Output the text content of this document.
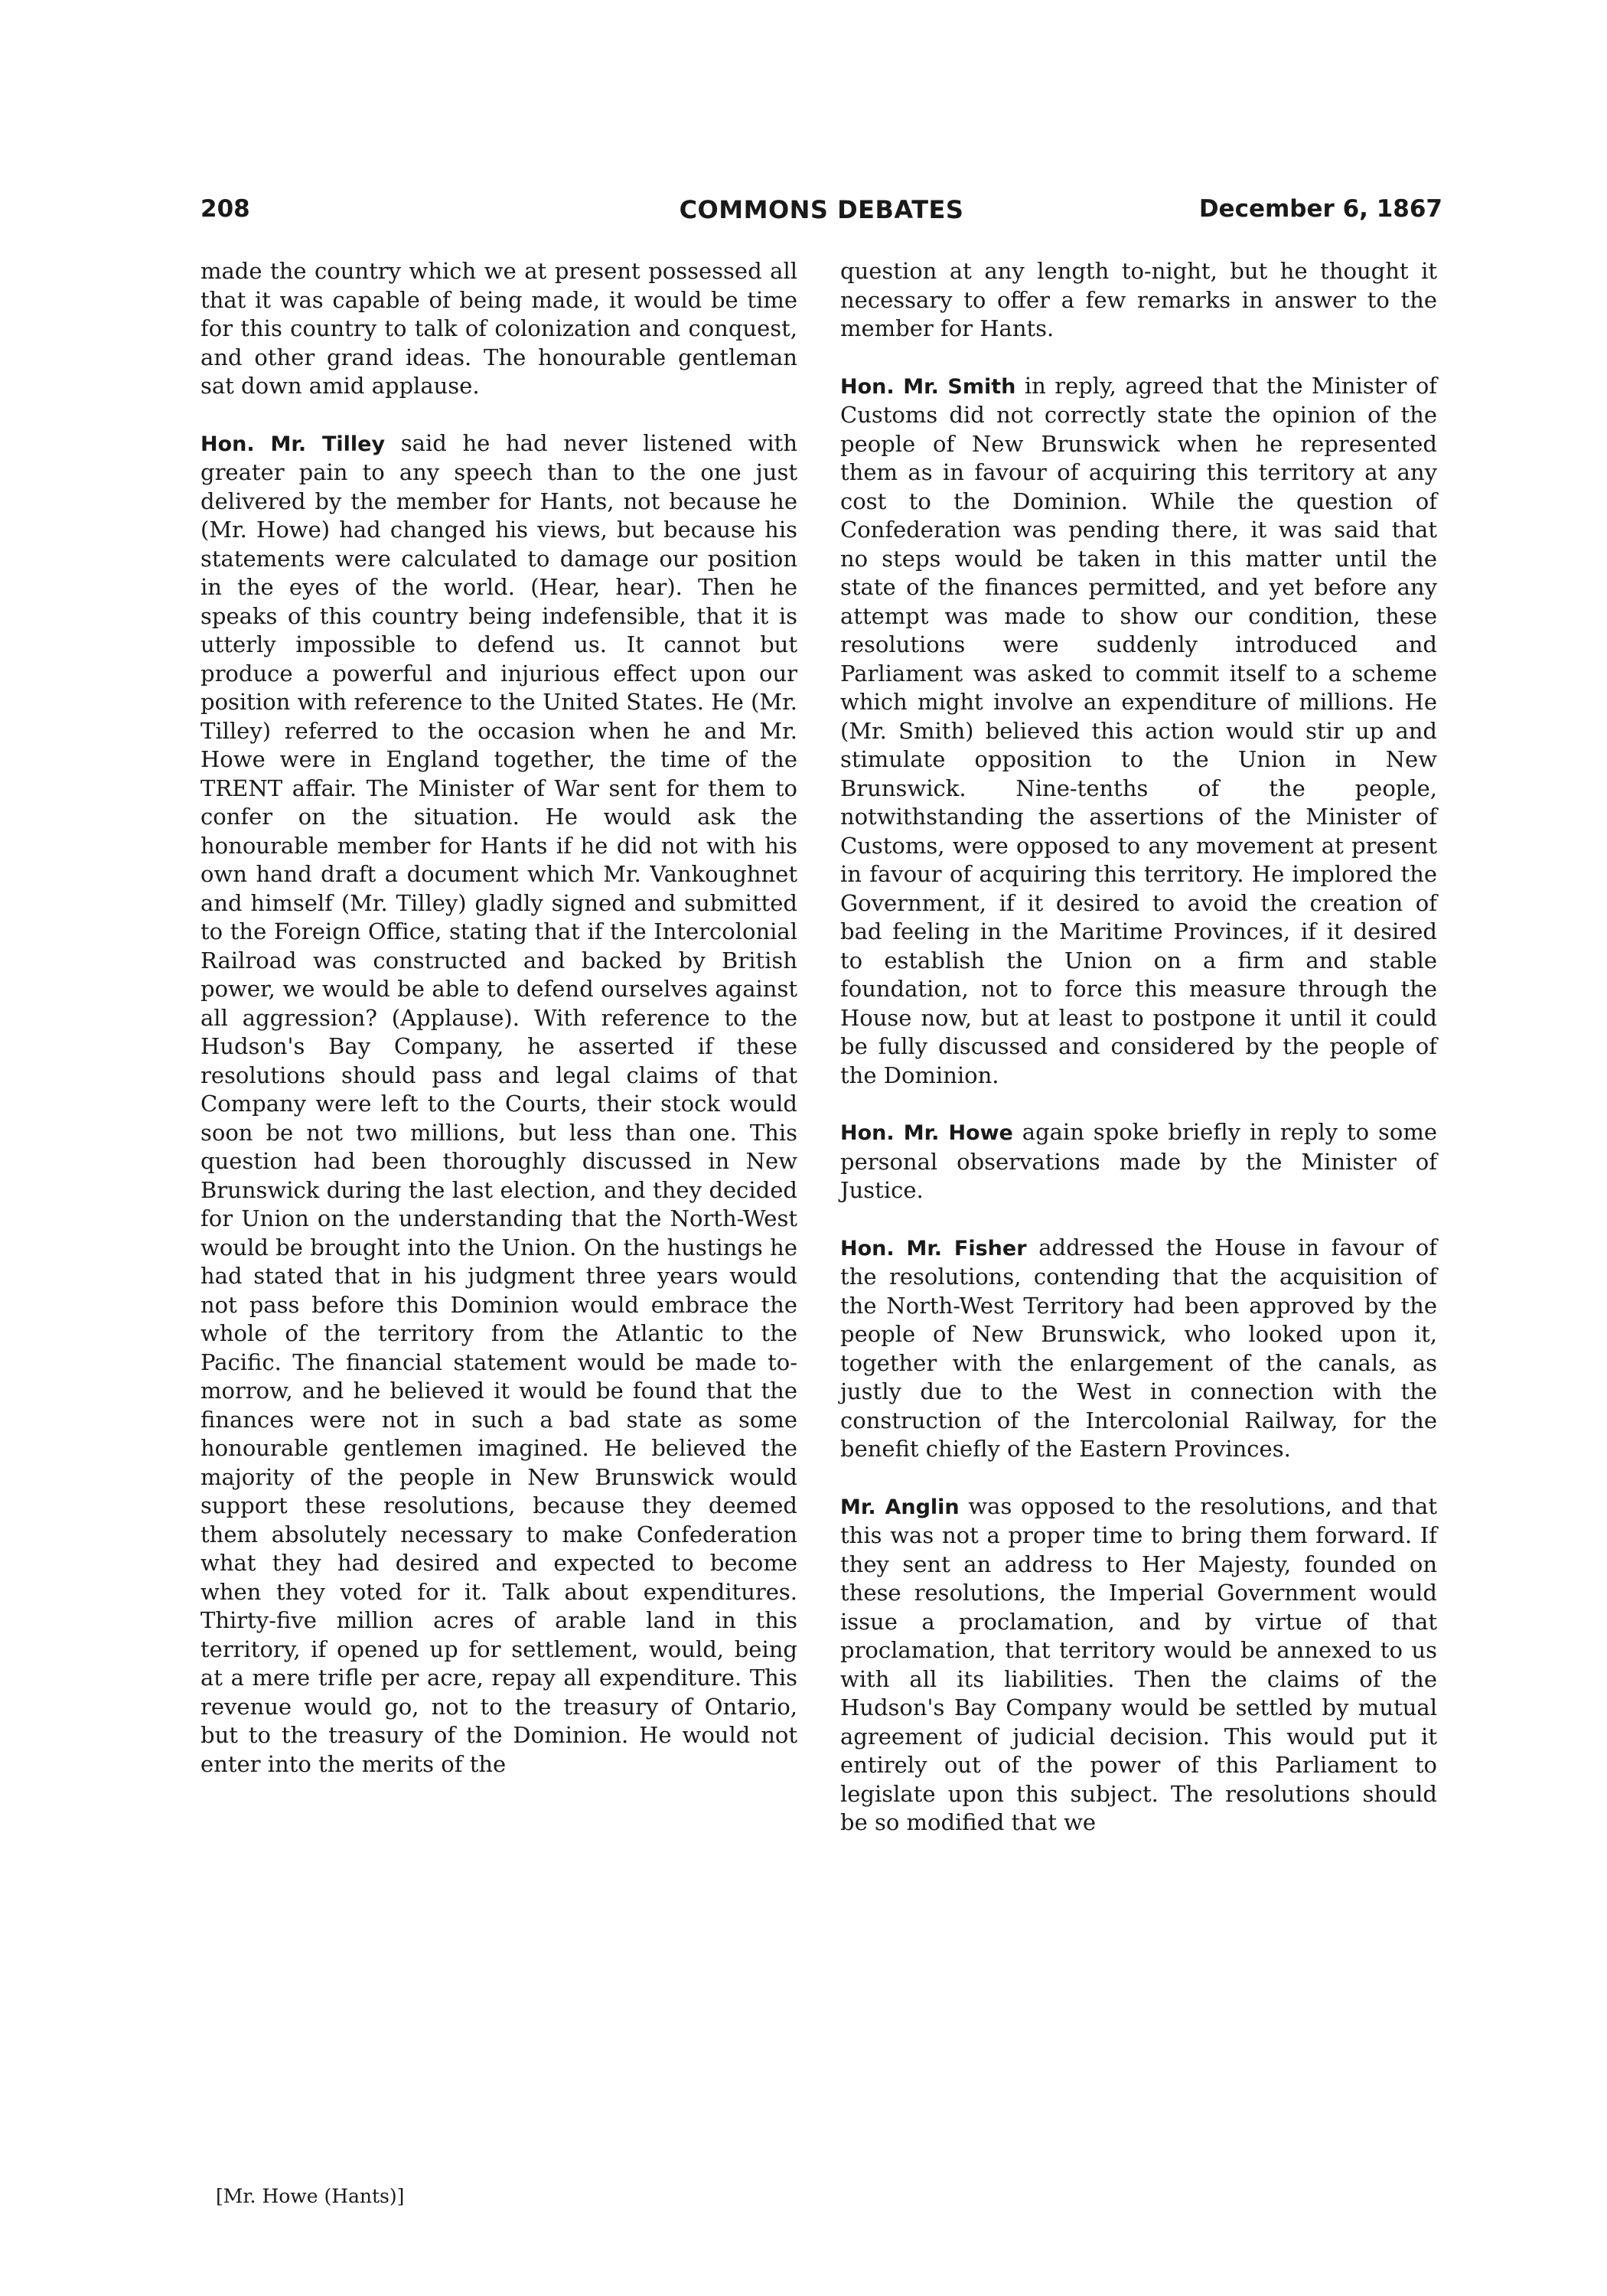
208	COMMONS DEBATES	December 6, 1867

made the country which we at present possessed all that it was capable of being made, it would be time for this country to talk of colonization and conquest, and other grand ideas. The honourable gentleman sat down amid applause.

Hon. Mr. Tilley said he had never listened with greater pain to any speech than to the one just delivered by the member for Hants, not because he (Mr. Howe) had changed his views, but because his statements were calculated to damage our position in the eyes of the world. (Hear, hear). Then he speaks of this country being indefensible, that it is utterly impossible to defend us. It cannot but produce a powerful and injurious effect upon our position with reference to the United States. He (Mr. Tilley) referred to the occasion when he and Mr. Howe were in England together, the time of the TRENT affair. The Minister of War sent for them to confer on the situation. He would ask the honourable member for Hants if he did not with his own hand draft a document which Mr. Vankoughnet and himself (Mr. Tilley) gladly signed and submitted to the Foreign Office, stating that if the Intercolonial Railroad was constructed and backed by British power, we would be able to defend ourselves against all aggression? (Applause). With reference to the Hudson's Bay Company, he asserted if these resolutions should pass and legal claims of that Company were left to the Courts, their stock would soon be not two millions, but less than one. This question had been thoroughly discussed in New Brunswick during the last election, and they decided for Union on the understanding that the North-West would be brought into the Union. On the hustings he had stated that in his judgment three years would not pass before this Dominion would embrace the whole of the territory from the Atlantic to the Pacific. The financial statement would be made to-morrow, and he believed it would be found that the finances were not in such a bad state as some honourable gentlemen imagined. He believed the majority of the people in New Brunswick would support these resolutions, because they deemed them absolutely necessary to make Confederation what they had desired and expected to become when they voted for it. Talk about expenditures. Thirty-five million acres of arable land in this territory, if opened up for settlement, would, being at a mere trifle per acre, repay all expenditure. This revenue would go, not to the treasury of Ontario, but to the treasury of the Dominion. He would not enter into the merits of the

question at any length to-night, but he thought it necessary to offer a few remarks in answer to the member for Hants.

Hon. Mr. Smith in reply, agreed that the Minister of Customs did not correctly state the opinion of the people of New Brunswick when he represented them as in favour of acquiring this territory at any cost to the Dominion. While the question of Confederation was pending there, it was said that no steps would be taken in this matter until the state of the finances permitted, and yet before any attempt was made to show our condition, these resolutions were suddenly introduced and Parliament was asked to commit itself to a scheme which might involve an expenditure of millions. He (Mr. Smith) believed this action would stir up and stimulate opposition to the Union in New Brunswick. Nine-tenths of the people, notwithstanding the assertions of the Minister of Customs, were opposed to any movement at present in favour of acquiring this territory. He implored the Government, if it desired to avoid the creation of bad feeling in the Maritime Provinces, if it desired to establish the Union on a firm and stable foundation, not to force this measure through the House now, but at least to postpone it until it could be fully discussed and considered by the people of the Dominion.

Hon. Mr. Howe again spoke briefly in reply to some personal observations made by the Minister of Justice.

Hon. Mr. Fisher addressed the House in favour of the resolutions, contending that the acquisition of the North-West Territory had been approved by the people of New Brunswick, who looked upon it, together with the enlargement of the canals, as justly due to the West in connection with the construction of the Intercolonial Railway, for the benefit chiefly of the Eastern Provinces.

Mr. Anglin was opposed to the resolutions, and that this was not a proper time to bring them forward. If they sent an address to Her Majesty, founded on these resolutions, the Imperial Government would issue a proclamation, and by virtue of that proclamation, that territory would be annexed to us with all its liabilities. Then the claims of the Hudson's Bay Company would be settled by mutual agreement of judicial decision. This would put it entirely out of the power of this Parliament to legislate upon this subject. The resolutions should be so modified that we

[Mr. Howe (Hants)]
